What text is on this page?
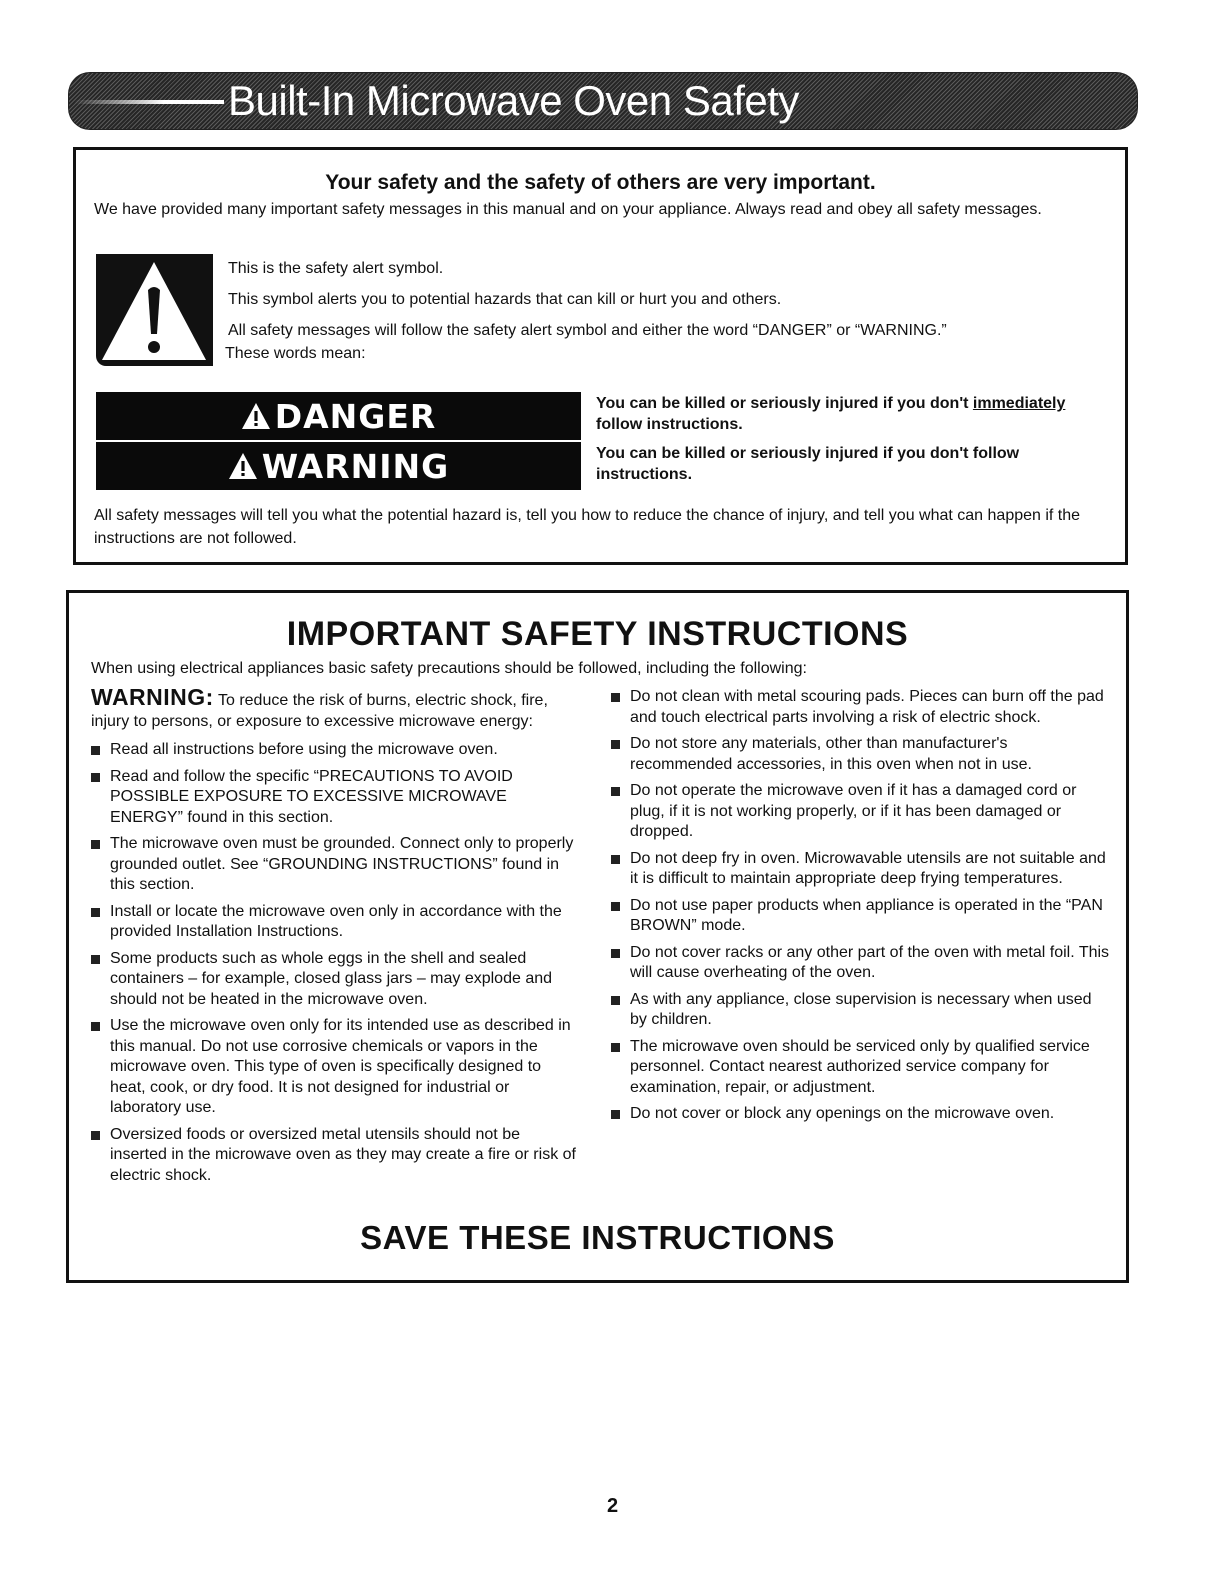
Built-In Microwave Oven Safety

Your safety and the safety of others are very important.

We have provided many important safety messages in this manual and on your appliance. Always read and obey all safety messages.

This is the safety alert symbol.

This symbol alerts you to potential hazards that can kill or hurt you and others.

All safety messages will follow the safety alert symbol and either the word “DANGER” or “WARNING.”

These words mean:

DANGER	You can be killed or seriously injured if you don't immediately follow instructions.

WARNING	You can be killed or seriously injured if you don't follow instructions.

All safety messages will tell you what the potential hazard is, tell you how to reduce the chance of injury, and tell you what can happen if the instructions are not followed.

IMPORTANT SAFETY INSTRUCTIONS

When using electrical appliances basic safety precautions should be followed, including the following:

WARNING: To reduce the risk of burns, electric shock, fire, injury to persons, or exposure to excessive microwave energy:

Read all instructions before using the microwave oven.
Read and follow the specific “PRECAUTIONS TO AVOID POSSIBLE EXPOSURE TO EXCESSIVE MICROWAVE ENERGY” found in this section.
The microwave oven must be grounded. Connect only to properly grounded outlet. See “GROUNDING INSTRUCTIONS” found in this section.
Install or locate the microwave oven only in accordance with the provided Installation Instructions.
Some products such as whole eggs in the shell and sealed containers – for example, closed glass jars – may explode and should not be heated in the microwave oven.
Use the microwave oven only for its intended use as described in this manual. Do not use corrosive chemicals or vapors in the microwave oven. This type of oven is specifically designed to heat, cook, or dry food. It is not designed for industrial or laboratory use.
Oversized foods or oversized metal utensils should not be inserted in the microwave oven as they may create a fire or risk of electric shock.
Do not clean with metal scouring pads. Pieces can burn off the pad and touch electrical parts involving a risk of electric shock.
Do not store any materials, other than manufacturer's recommended accessories, in this oven when not in use.
Do not operate the microwave oven if it has a damaged cord or plug, if it is not working properly, or if it has been damaged or dropped.
Do not deep fry in oven. Microwavable utensils are not suitable and it is difficult to maintain appropriate deep frying temperatures.
Do not use paper products when appliance is operated in the “PAN BROWN” mode.
Do not cover racks or any other part of the oven with metal foil. This will cause overheating of the oven.
As with any appliance, close supervision is necessary when used by children.
The microwave oven should be serviced only by qualified service personnel. Contact nearest authorized service company for examination, repair, or adjustment.
Do not cover or block any openings on the microwave oven.

SAVE THESE INSTRUCTIONS

2
